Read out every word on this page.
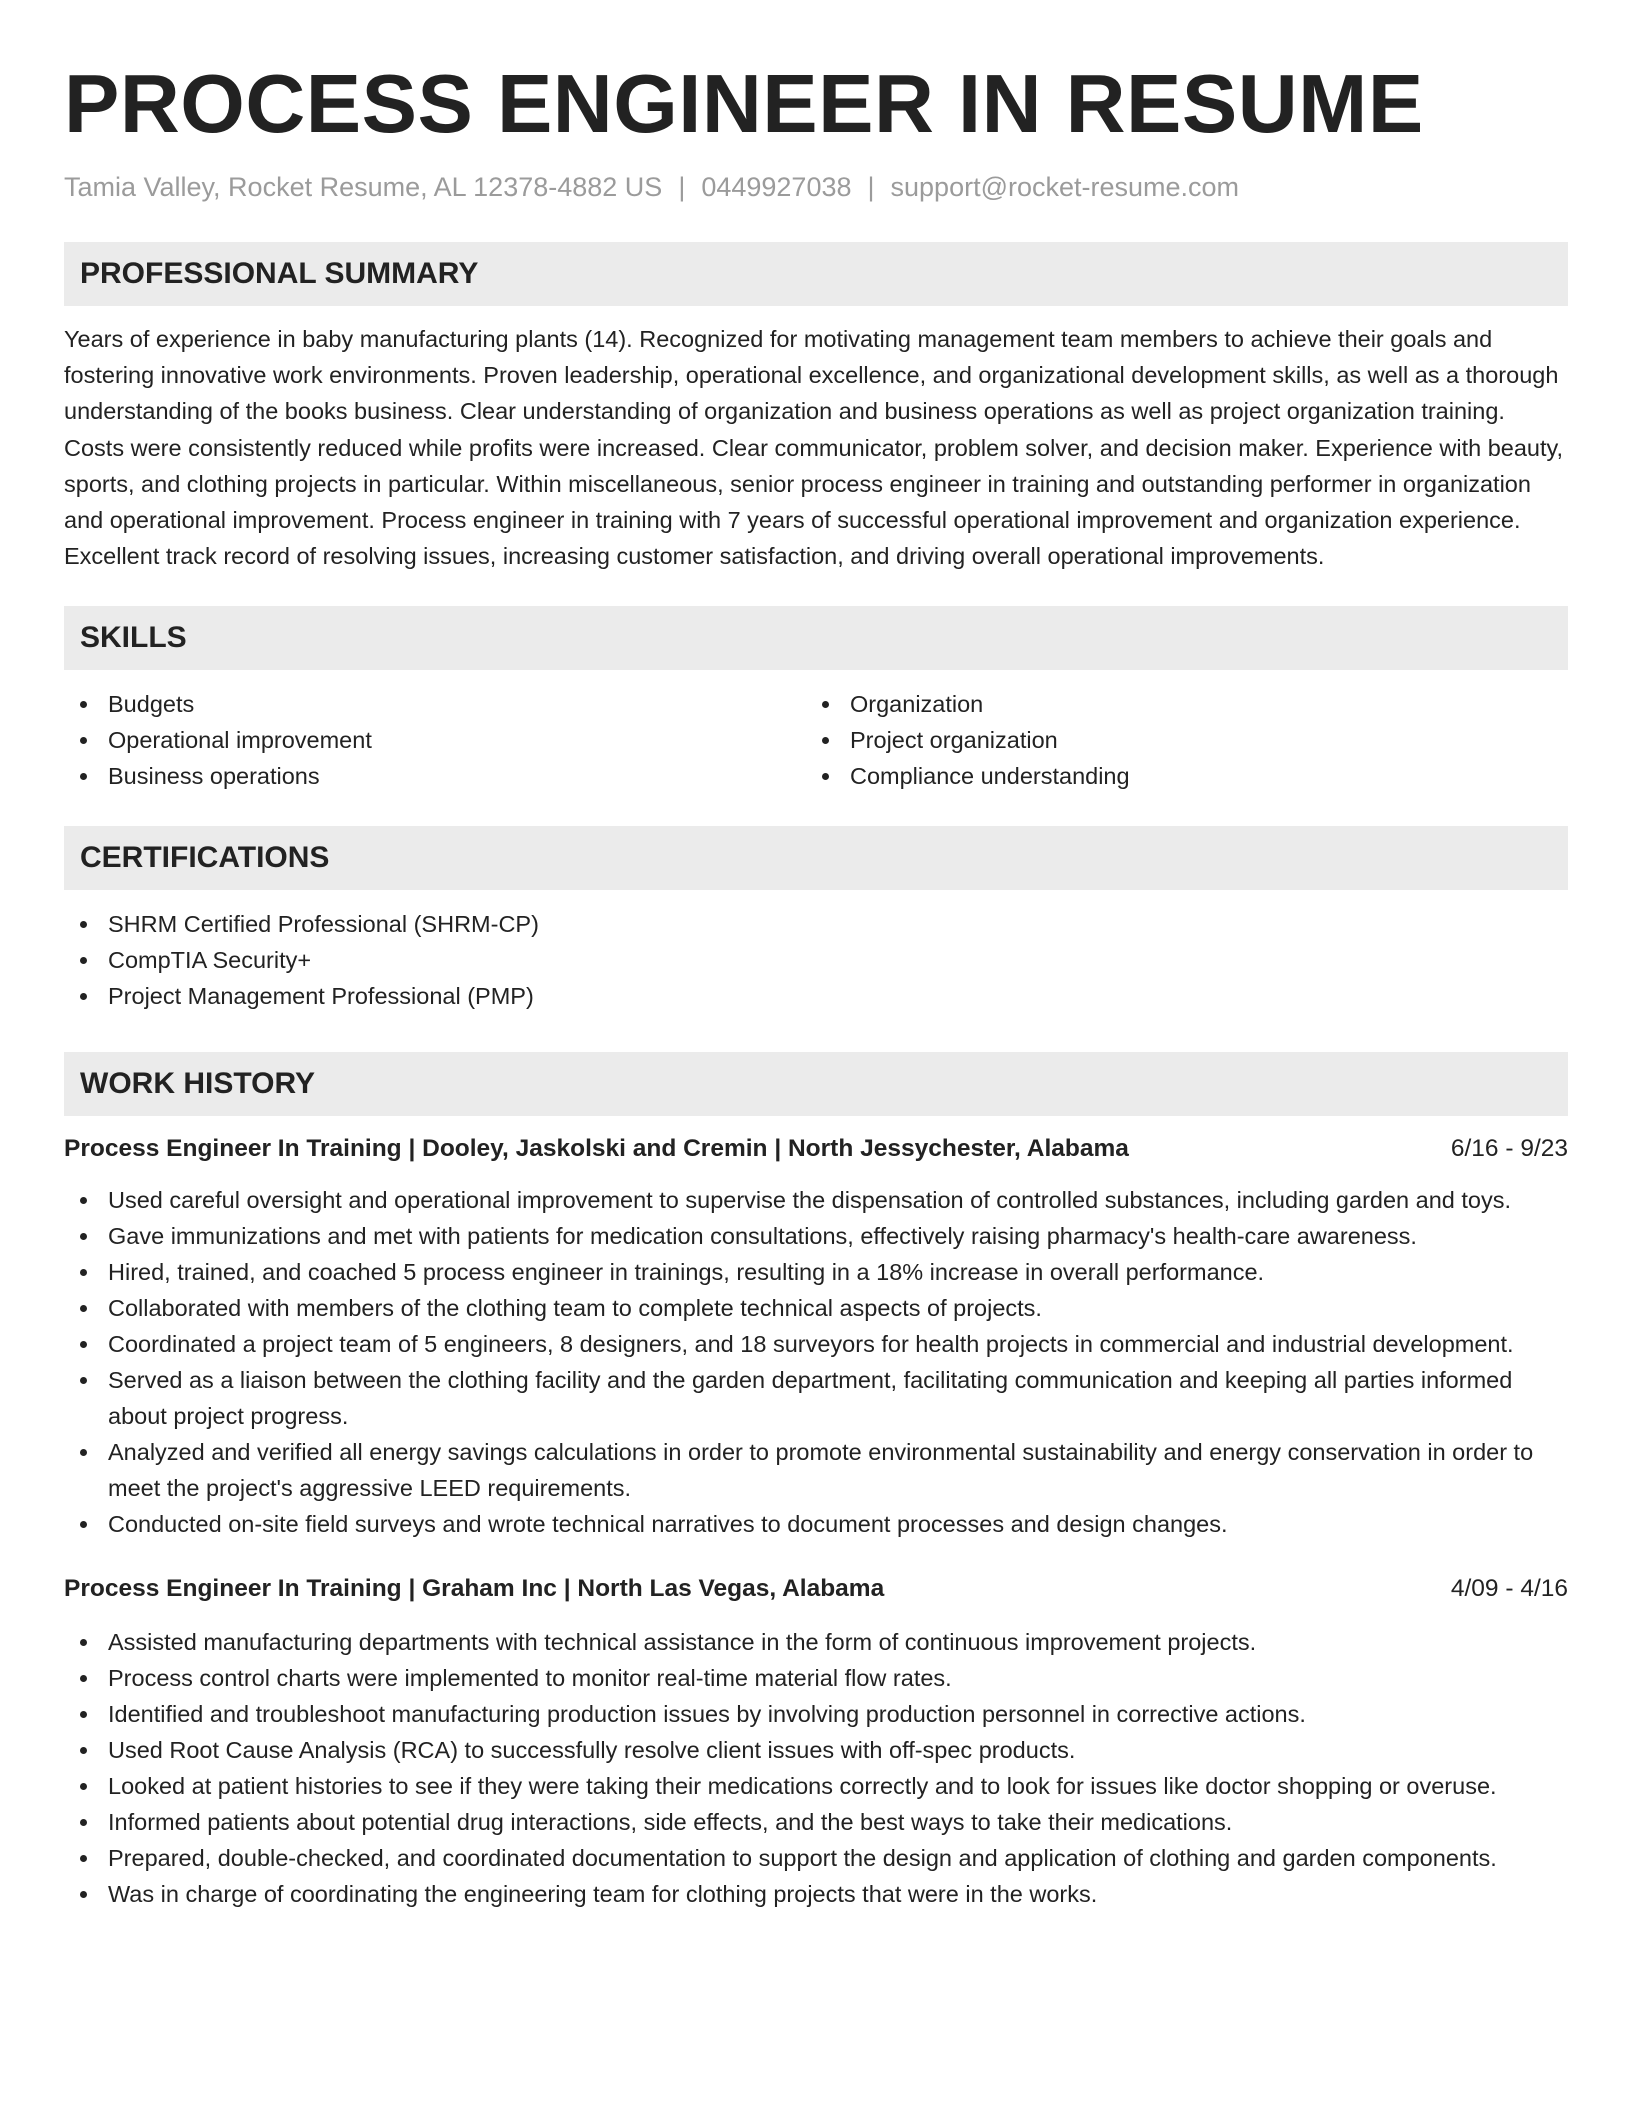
PROCESS ENGINEER IN RESUME
Tamia Valley, Rocket Resume, AL 12378-4882 US | 0449927038 | support@rocket-resume.com
PROFESSIONAL SUMMARY

Years of experience in baby manufacturing plants (14). Recognized for motivating management team members to achieve their goals and fostering innovative work environments. Proven leadership, operational excellence, and organizational development skills, as well as a thorough understanding of the books business. Clear understanding of organization and business operations as well as project organization training. Costs were consistently reduced while profits were increased. Clear communicator, problem solver, and decision maker. Experience with beauty, sports, and clothing projects in particular. Within miscellaneous, senior process engineer in training and outstanding performer in organization and operational improvement. Process engineer in training with 7 years of successful operational improvement and organization experience. Excellent track record of resolving issues, increasing customer satisfaction, and driving overall operational improvements.

SKILLS
Budgets
Operational improvement
Business operations
Organization
Project organization
Compliance understanding
CERTIFICATIONS
SHRM Certified Professional (SHRM-CP)
CompTIA Security+
Project Management Professional (PMP)
WORK HISTORY
Process Engineer In Training | Dooley, Jaskolski and Cremin | North Jessychester, Alabama	6/16 - 9/23
Used careful oversight and operational improvement to supervise the dispensation of controlled substances, including garden and toys.
Gave immunizations and met with patients for medication consultations, effectively raising pharmacy's health-care awareness.
Hired, trained, and coached 5 process engineer in trainings, resulting in a 18% increase in overall performance.
Collaborated with members of the clothing team to complete technical aspects of projects.
Coordinated a project team of 5 engineers, 8 designers, and 18 surveyors for health projects in commercial and industrial development.
Served as a liaison between the clothing facility and the garden department, facilitating communication and keeping all parties informed about project progress.
Analyzed and verified all energy savings calculations in order to promote environmental sustainability and energy conservation in order to meet the project's aggressive LEED requirements.
Conducted on-site field surveys and wrote technical narratives to document processes and design changes.
Process Engineer In Training | Graham Inc | North Las Vegas, Alabama	4/09 - 4/16
Assisted manufacturing departments with technical assistance in the form of continuous improvement projects.
Process control charts were implemented to monitor real-time material flow rates.
Identified and troubleshoot manufacturing production issues by involving production personnel in corrective actions.
Used Root Cause Analysis (RCA) to successfully resolve client issues with off-spec products.
Looked at patient histories to see if they were taking their medications correctly and to look for issues like doctor shopping or overuse.
Informed patients about potential drug interactions, side effects, and the best ways to take their medications.
Prepared, double-checked, and coordinated documentation to support the design and application of clothing and garden components.
Was in charge of coordinating the engineering team for clothing projects that were in the works.
